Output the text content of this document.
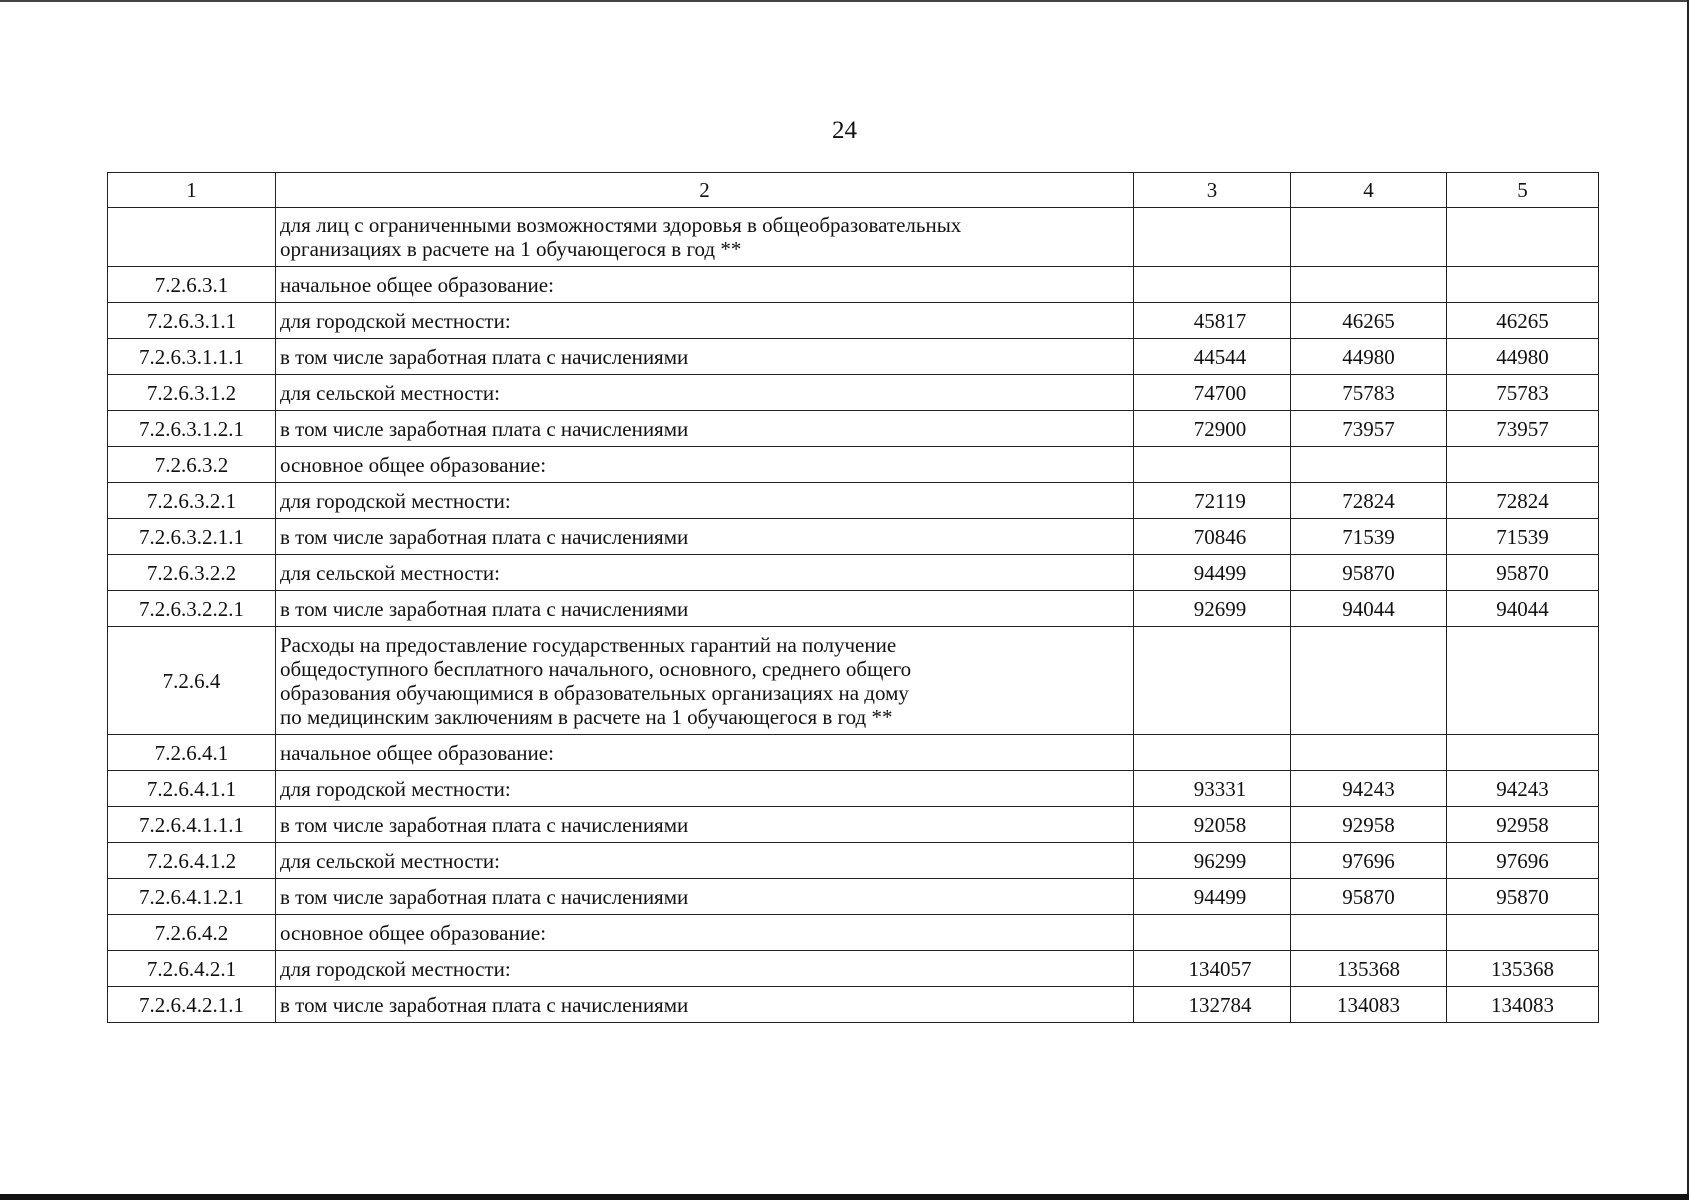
24
1	2	3	4	5
	для лиц с ограниченными возможностями здоровья в общеобразовательных
организациях в расчете на 1 обучающегося в год **			
7.2.6.3.1	начальное общее образование:			
7.2.6.3.1.1	для городской местности:	45817	46265	46265
7.2.6.3.1.1.1	в том числе заработная плата с начислениями	44544	44980	44980
7.2.6.3.1.2	для сельской местности:	74700	75783	75783
7.2.6.3.1.2.1	в том числе заработная плата с начислениями	72900	73957	73957
7.2.6.3.2	основное общее образование:			
7.2.6.3.2.1	для городской местности:	72119	72824	72824
7.2.6.3.2.1.1	в том числе заработная плата с начислениями	70846	71539	71539
7.2.6.3.2.2	для сельской местности:	94499	95870	95870
7.2.6.3.2.2.1	в том числе заработная плата с начислениями	92699	94044	94044
7.2.6.4	Расходы на предоставление государственных гарантий на получение
общедоступного бесплатного начального, основного, среднего общего
образования обучающимися в образовательных организациях на дому
по медицинским заключениям в расчете на 1 обучающегося в год **			
7.2.6.4.1	начальное общее образование:			
7.2.6.4.1.1	для городской местности:	93331	94243	94243
7.2.6.4.1.1.1	в том числе заработная плата с начислениями	92058	92958	92958
7.2.6.4.1.2	для сельской местности:	96299	97696	97696
7.2.6.4.1.2.1	в том числе заработная плата с начислениями	94499	95870	95870
7.2.6.4.2	основное общее образование:			
7.2.6.4.2.1	для городской местности:	134057	135368	135368
7.2.6.4.2.1.1	в том числе заработная плата с начислениями	132784	134083	134083
